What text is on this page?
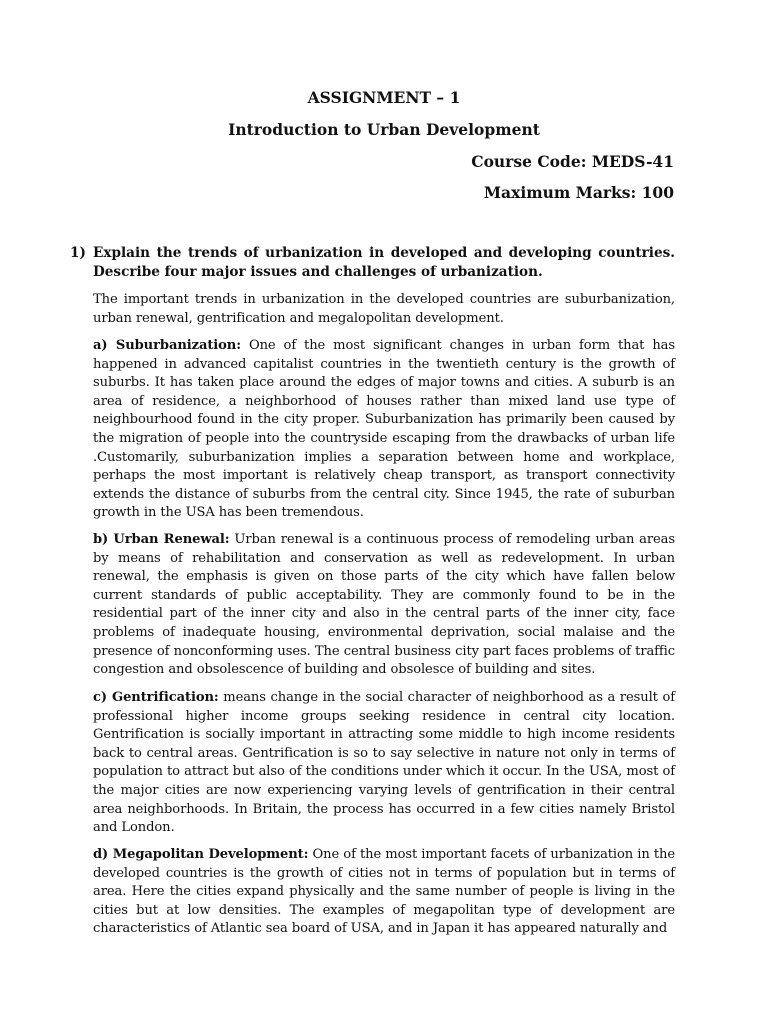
ASSIGNMENT – 1
Introduction to Urban Development
Course Code: MEDS-41
Maximum Marks: 100
1) Explain the trends of urbanization in developed and developing countries. Describe four major issues and challenges of urbanization.
The important trends in urbanization in the developed countries are suburbanization, urban renewal, gentrification and megalopolitan development.
a) Suburbanization: One of the most significant changes in urban form that has happened in advanced capitalist countries in the twentieth century is the growth of suburbs. It has taken place around the edges of major towns and cities. A suburb is an area of residence, a neighborhood of houses rather than mixed land use type of neighbourhood found in the city proper. Suburbanization has primarily been caused by the migration of people into the countryside escaping from the drawbacks of urban life .Customarily, suburbanization implies a separation between home and workplace, perhaps the most important is relatively cheap transport, as transport connectivity extends the distance of suburbs from the central city. Since 1945, the rate of suburban growth in the USA has been tremendous.
b) Urban Renewal: Urban renewal is a continuous process of remodeling urban areas by means of rehabilitation and conservation as well as redevelopment. In urban renewal, the emphasis is given on those parts of the city which have fallen below current standards of public acceptability. They are commonly found to be in the residential part of the inner city and also in the central parts of the inner city, face problems of inadequate housing, environmental deprivation, social malaise and the presence of nonconforming uses. The central business city part faces problems of traffic congestion and obsolescence of building and obsolesce of building and sites.
c) Gentrification: means change in the social character of neighborhood as a result of professional higher income groups seeking residence in central city location. Gentrification is socially important in attracting some middle to high income residents back to central areas. Gentrification is so to say selective in nature not only in terms of population to attract but also of the conditions under which it occur. In the USA, most of the major cities are now experiencing varying levels of gentrification in their central area neighborhoods. In Britain, the process has occurred in a few cities namely Bristol and London.
d) Megapolitan Development: One of the most important facets of urbanization in the developed countries is the growth of cities not in terms of population but in terms of area. Here the cities expand physically and the same number of people is living in the cities but at low densities. The examples of megapolitan type of development are characteristics of Atlantic sea board of USA, and in Japan it has appeared naturally and
